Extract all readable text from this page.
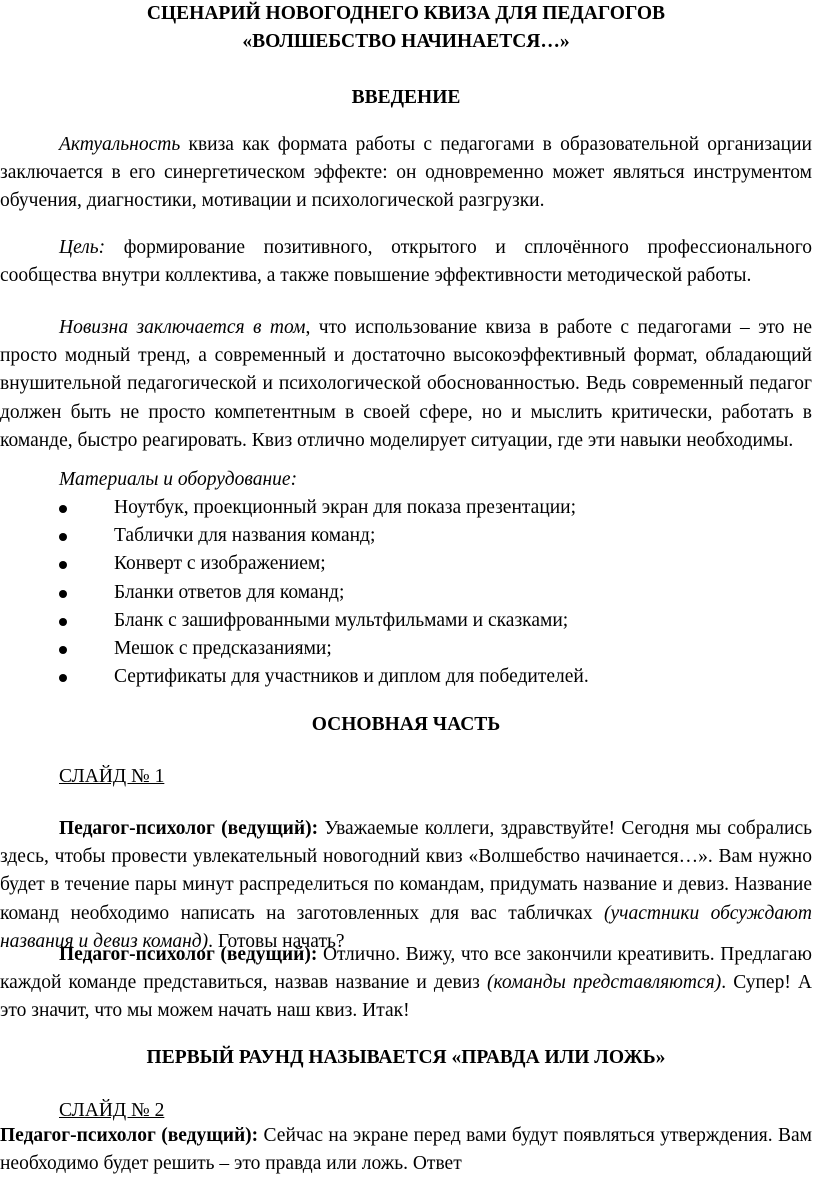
СЦЕНАРИЙ НОВОГОДНЕГО КВИЗА ДЛЯ ПЕДАГОГОВ
«ВОЛШЕБСТВО НАЧИНАЕТСЯ…»
ВВЕДЕНИЕ
Актуальность квиза как формата работы с педагогами в образовательной организации заключается в его синергетическом эффекте: он одновременно может являться инструментом обучения, диагностики, мотивации и психологической разгрузки.
Цель: формирование позитивного, открытого и сплочённого профессионального сообщества внутри коллектива, а также повышение эффективности методической работы.
Новизна заключается в том, что использование квиза в работе с педагогами – это не просто модный тренд, а современный и достаточно высокоэффективный формат, обладающий внушительной педагогической и психологической обоснованностью. Ведь современный педагог должен быть не просто компетентным в своей сфере, но и мыслить критически, работать в команде, быстро реагировать. Квиз отлично моделирует ситуации, где эти навыки необходимы.
Материалы и оборудование:
Ноутбук, проекционный экран для показа презентации;
Таблички для названия команд;
Конверт с изображением;
Бланки ответов для команд;
Бланк с зашифрованными мультфильмами и сказками;
Мешок с предсказаниями;
Сертификаты для участников и диплом для победителей.
ОСНОВНАЯ ЧАСТЬ
СЛАЙД № 1
Педагог-психолог (ведущий): Уважаемые коллеги, здравствуйте! Сегодня мы собрались здесь, чтобы провести увлекательный новогодний квиз «Волшебство начинается…». Вам нужно будет в течение пары минут распределиться по командам, придумать название и девиз. Название команд необходимо написать на заготовленных для вас табличках (участники обсуждают названия и девиз команд). Готовы начать?
Педагог-психолог (ведущий): Отлично. Вижу, что все закончили креативить. Предлагаю каждой команде представиться, назвав название и девиз (команды представляются). Супер! А это значит, что мы можем начать наш квиз. Итак!
ПЕРВЫЙ РАУНД НАЗЫВАЕТСЯ «ПРАВДА ИЛИ ЛОЖЬ»
СЛАЙД № 2
Педагог-психолог (ведущий): Сейчас на экране перед вами будут появляться утверждения. Вам необходимо будет решить – это правда или ложь. Ответ
